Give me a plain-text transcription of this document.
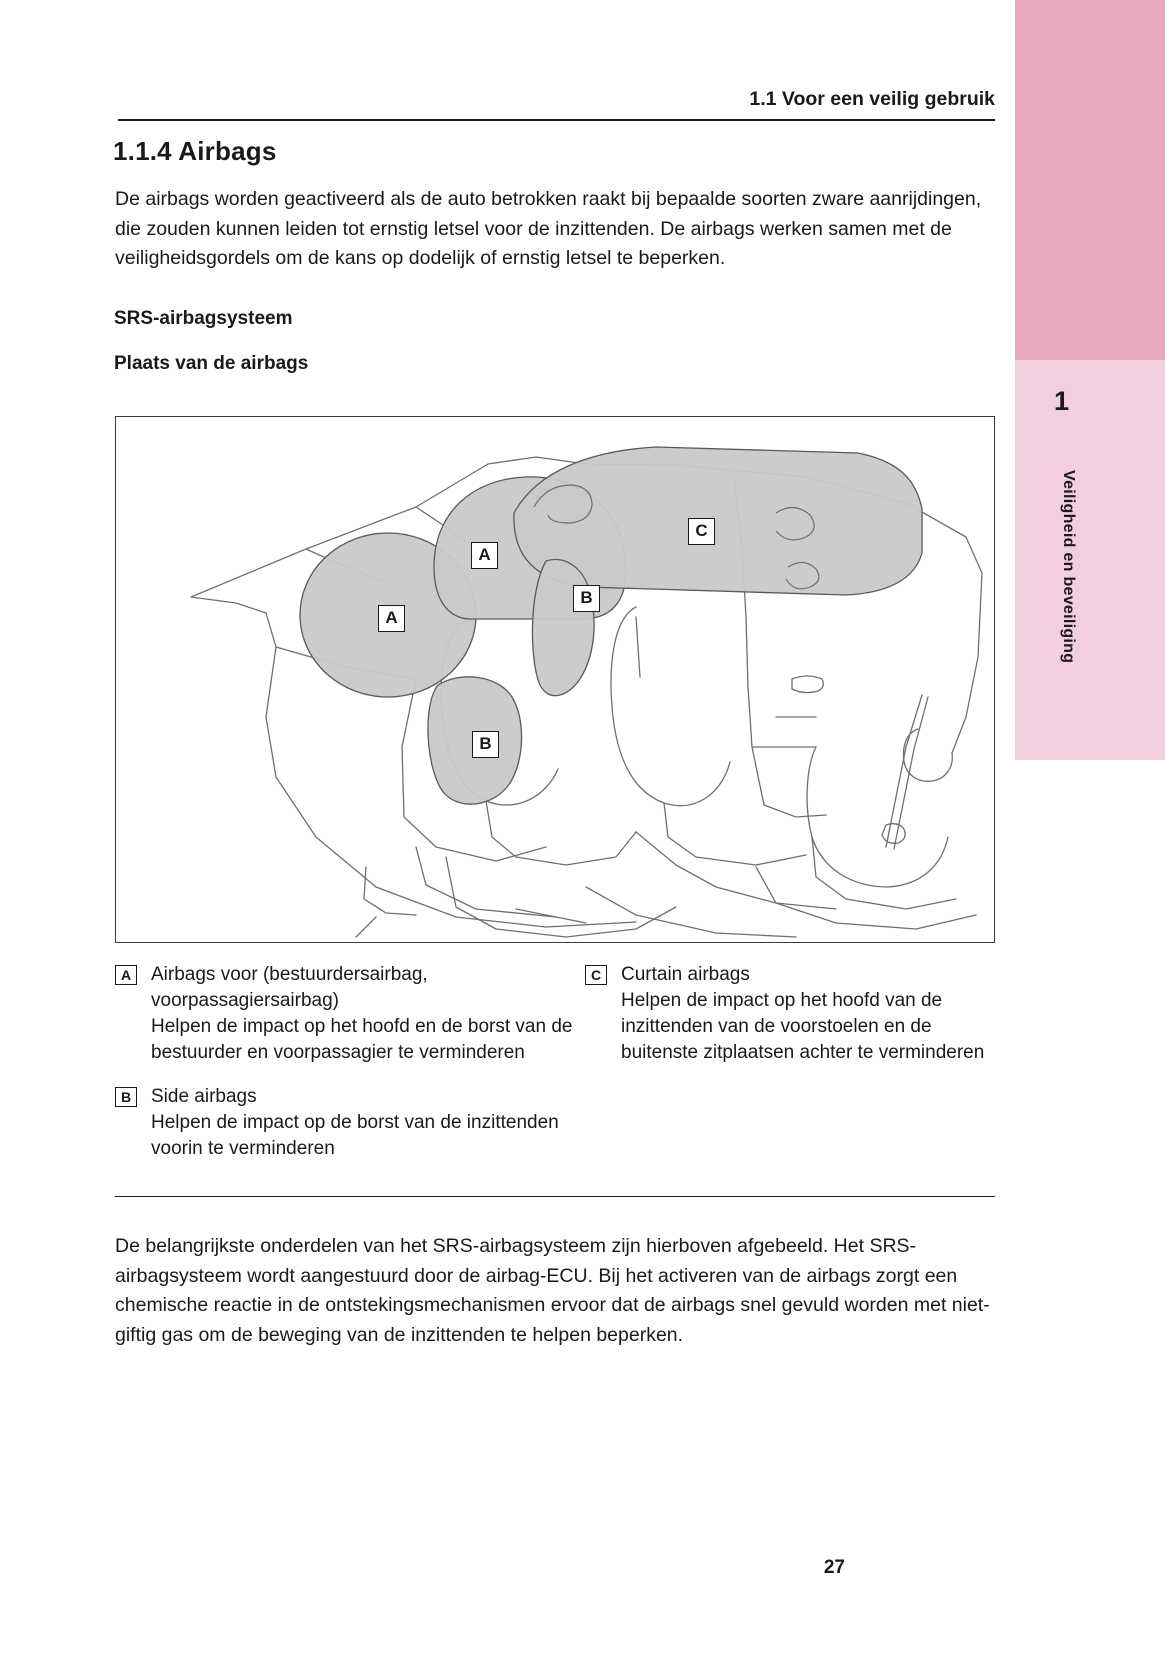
1
Veiligheid en beveiliging
1.1 Voor een veilig gebruik
1.1.4 Airbags
De airbags worden geactiveerd als de auto betrokken raakt bij bepaalde soorten zware aanrijdingen, die zouden kunnen leiden tot ernstig letsel voor de inzittenden. De airbags werken samen met de veiligheidsgordels om de kans op dodelijk of ernstig letsel te beperken.
SRS-airbagsysteem
Plaats van de airbags
A
A
B
B
C
A	Airbags voor (bestuurdersairbag, voorpassagiersairbag)
Helpen de impact op het hoofd en de borst van de bestuurder en voorpassagier te verminderen
B	Side airbags
Helpen de impact op de borst van de inzittenden voorin te verminderen
C	Curtain airbags
Helpen de impact op het hoofd van de inzittenden van de voorstoelen en de buitenste zitplaatsen achter te verminderen
De belangrijkste onderdelen van het SRS-airbagsysteem zijn hierboven afgebeeld. Het SRS-airbagsysteem wordt aangestuurd door de airbag-ECU. Bij het activeren van de airbags zorgt een chemische reactie in de ontstekingsmechanismen ervoor dat de airbags snel gevuld worden met niet-giftig gas om de beweging van de inzittenden te helpen beperken.
27
